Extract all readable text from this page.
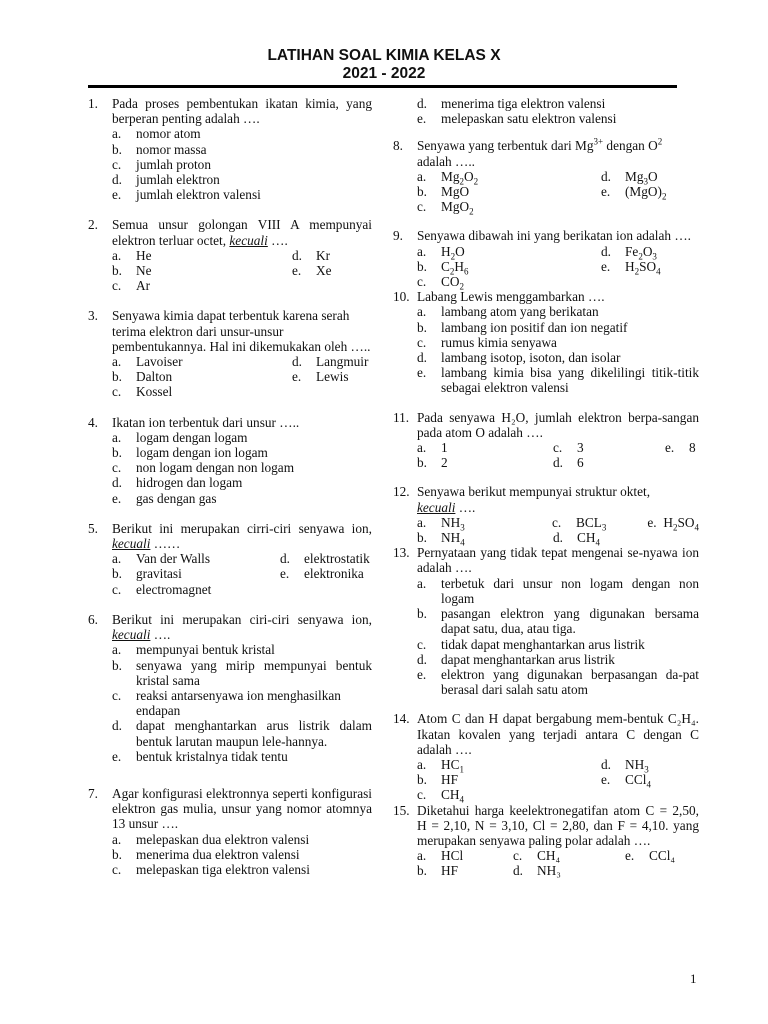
LATIHAN SOAL KIMIA KELAS X
2021 - 2022
1. Pada proses pembentukan ikatan kimia, yang berperan penting adalah ….
a. nomor atom
b. nomor massa
c. jumlah proton
d. jumlah elektron
e. jumlah elektron valensi
2. Semua unsur golongan VIII A mempunyai elektron terluar octet, kecuali ….
a. He	d. Kr
b. Ne	e. Xe
c. Ar
3. Senyawa kimia dapat terbentuk karena serah terima elektron dari unsur-unsur pembentukannya. Hal ini dikemukakan oleh …..
a. Lavoiser	d. Langmuir
b. Dalton	e. Lewis
c. Kossel
4. Ikatan ion terbentuk dari unsur …..
a. logam dengan logam
b. logam dengan ion logam
c. non logam dengan non logam
d. hidrogen dan logam
e. gas dengan gas
5. Berikut ini merupakan cirri-ciri senyawa ion, kecuali ……
a. Van der Walls	d. elektrostatik
b. gravitasi	e. elektronika
c. electromagnet
6. Berikut ini merupakan ciri-ciri senyawa ion, kecuali ….
a. mempunyai bentuk kristal
b. senyawa yang mirip mempunyai bentuk kristal sama
c. reaksi antarsenyawa ion menghasilkan endapan
d. dapat menghantarkan arus listrik dalam bentuk larutan maupun lele-hannya.
e. bentuk kristalnya tidak tentu
7. Agar konfigurasi elektronnya seperti konfigurasi elektron gas mulia, unsur yang nomor atomnya 13 unsur ….
a. melepaskan dua elektron valensi
b. menerima dua elektron valensi
c. melepaskan tiga elektron valensi
d. menerima tiga elektron valensi
e. melepaskan satu elektron valensi
8. Senyawa yang terbentuk dari $Mg^{3+}$ dengan $O^2$
adalah …..
a. $Mg_2O_2$	d. $Mg_3O$
b. MgO	e. $(MgO)_2$
c. MgO$_2$
9. Senyawa dibawah ini yang berikatan ion adalah ….
a. $H_2O$	d. $Fe_2O_3$
b. $C_2H_6$	e. $H_2SO_4$
c. $CO_2$
10. Labang Lewis menggambarkan ….
a. lambang atom yang berikatan
b. lambang ion positif dan ion negatif
c. rumus kimia senyawa
d. lambang isotop, isoton, dan isolar
e. lambang kimia bisa yang dikelilingi titik-titik sebagai elektron valensi
11. Pada senyawa H₂O, jumlah elektron berpa-sangan pada atom O adalah ….
a. 1	c. 3	e. 8
b. 2	d. 6
12. Senyawa berikut mempunyai struktur oktet,
kecuali ….
a. $NH_3$	c. $BCL_3$	e. $H_2SO_4$
b. $NH_4$	d. $CH_4$
13. Pernyataan yang tidak tepat mengenai se-nyawa ion adalah ….
a. terbetuk dari unsur non logam dengan non logam
b. pasangan elektron yang digunakan bersama dapat satu, dua, atau tiga.
c. tidak dapat menghantarkan arus listrik
d. dapat menghantarkan arus listrik
e. elektron yang digunakan berpasangan da-pat berasal dari salah satu atom
14. Atom C dan H dapat bergabung mem-bentuk C₂H₄. Ikatan kovalen yang terjadi antara C dengan C adalah ….
a. $HC_1$	d. $NH_3$
b. HF	e. CCl$_4$
c. $CH_4$
15. Diketahui harga keelektronegatifan atom C = 2,50, H = 2,10, N = 3,10, Cl = 2,80, dan F = 4,10. yang merupakan senyawa paling polar adalah ….
a. HCl	c. CH₄	e. CCl₄
b. HF	d. NH₃
1
